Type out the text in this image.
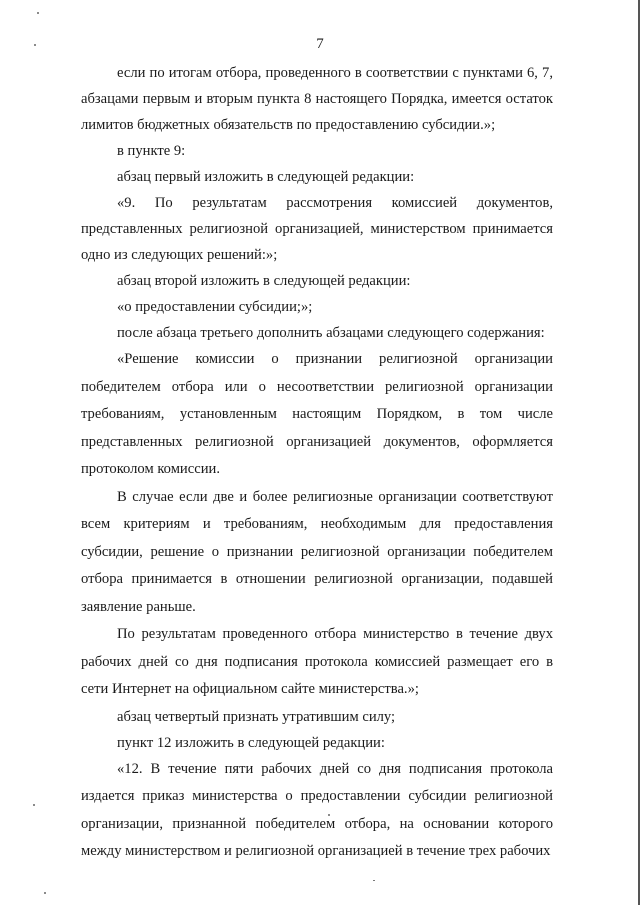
7

если по итогам отбора, проведенного в соответствии с пунктами 6, 7, абзацами первым и вторым пункта 8 настоящего Порядка, имеется остаток лимитов бюджетных обязательств по предоставлению субсидии.»;

в пункте 9:

абзац первый изложить в следующей редакции:

«9. По результатам рассмотрения комиссией документов, представленных религиозной организацией, министерством принимается одно из следующих решений:»;

абзац второй изложить в следующей редакции:

«о предоставлении субсидии;»;

после абзаца третьего дополнить абзацами следующего содержания:

«Решение комиссии о признании религиозной организации победителем отбора или о несоответствии религиозной организации требованиям, установленным настоящим Порядком, в том числе представленных религиозной организацией документов, оформляется протоколом комиссии.

В случае если две и более религиозные организации соответствуют всем критериям и требованиям, необходимым для предоставления субсидии, решение о признании религиозной организации победителем отбора принимается в отношении религиозной организации, подавшей заявление раньше.

По результатам проведенного отбора министерство в течение двух рабочих дней со дня подписания протокола комиссией размещает его в сети Интернет на официальном сайте министерства.»;

абзац четвертый признать утратившим силу;

пункт 12 изложить в следующей редакции:

«12. В течение пяти рабочих дней со дня подписания протокола издается приказ министерства о предоставлении субсидии религиозной организации, признанной победителем отбора, на основании которого между министерством и религиозной организацией в течение трех рабочих
